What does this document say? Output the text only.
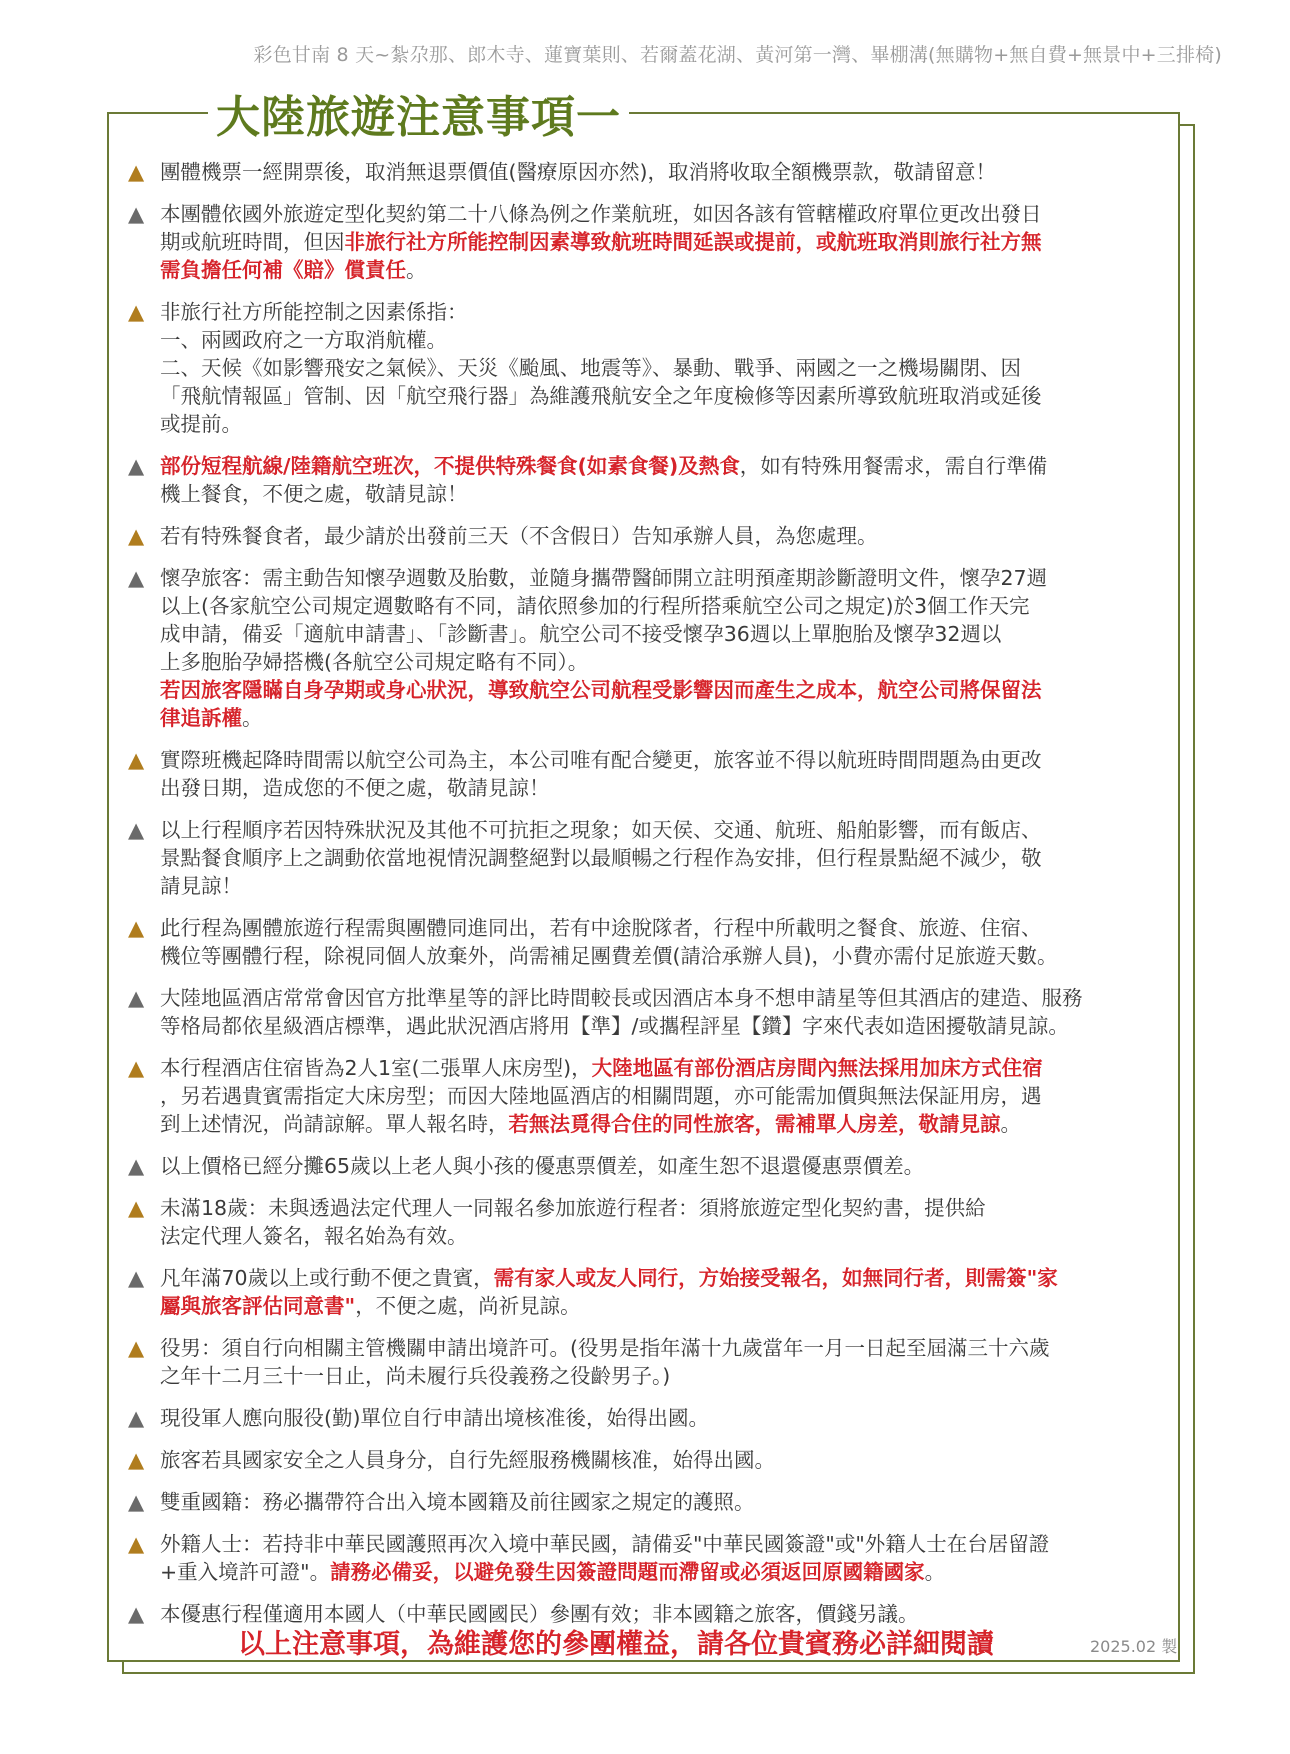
彩色甘南 8 天~紮尕那、郎木寺、蓮寶葉則、若爾蓋花湖、黃河第一灣、畢棚溝(無購物+無自費+無景中+三排椅)
大陸旅遊注意事項一
▲ 團體機票一經開票後，取消無退票價值(醫療原因亦然)，取消將收取全額機票款，敬請留意！
▲ 本團體依國外旅遊定型化契約第二十八條為例之作業航班，如因各該有管轄權政府單位更改出發日
期或航班時間，但因非旅行社方所能控制因素導致航班時間延誤或提前，或航班取消則旅行社方無
需負擔任何補《賠》償責任。
▲ 非旅行社方所能控制之因素係指：
一、兩國政府之一方取消航權。
二、天候《如影響飛安之氣候》、天災《颱風、地震等》、暴動、戰爭、兩國之一之機場關閉、因
「飛航情報區」管制、因「航空飛行器」為維護飛航安全之年度檢修等因素所導致航班取消或延後
或提前。
▲ 部份短程航線/陸籍航空班次，不提供特殊餐食(如素食餐)及熱食，如有特殊用餐需求，需自行準備
機上餐食，不便之處，敬請見諒！
▲ 若有特殊餐食者，最少請於出發前三天（不含假日）告知承辦人員，為您處理。
▲ 懷孕旅客：需主動告知懷孕週數及胎數，並隨身攜帶醫師開立註明預產期診斷證明文件，懷孕27週
以上(各家航空公司規定週數略有不同，請依照參加的行程所搭乘航空公司之規定)於3個工作天完
成申請，備妥「適航申請書」、「診斷書」。航空公司不接受懷孕36週以上單胞胎及懷孕32週以
上多胞胎孕婦搭機(各航空公司規定略有不同）。
若因旅客隱瞞自身孕期或身心狀況，導致航空公司航程受影響因而產生之成本，航空公司將保留法
律追訴權。
▲ 實際班機起降時間需以航空公司為主，本公司唯有配合變更，旅客並不得以航班時間問題為由更改
出發日期，造成您的不便之處，敬請見諒！
▲ 以上行程順序若因特殊狀況及其他不可抗拒之現象；如天侯、交通、航班、船舶影響，而有飯店、
景點餐食順序上之調動依當地視情況調整絕對以最順暢之行程作為安排，但行程景點絕不減少，敬
請見諒！
▲ 此行程為團體旅遊行程需與團體同進同出，若有中途脫隊者，行程中所載明之餐食、旅遊、住宿、
機位等團體行程，除視同個人放棄外，尚需補足團費差價(請洽承辦人員)，小費亦需付足旅遊天數。
▲ 大陸地區酒店常常會因官方批準星等的評比時間較長或因酒店本身不想申請星等但其酒店的建造、服務
等格局都依星級酒店標準，遇此狀況酒店將用【準】/或攜程評星【鑽】字來代表如造困擾敬請見諒。
▲ 本行程酒店住宿皆為2人1室(二張單人床房型)，大陸地區有部份酒店房間內無法採用加床方式住宿
，另若遇貴賓需指定大床房型；而因大陸地區酒店的相關問題，亦可能需加價與無法保証用房，遇
到上述情況，尚請諒解。單人報名時，若無法覓得合住的同性旅客，需補單人房差，敬請見諒。
▲ 以上價格已經分攤65歲以上老人與小孩的優惠票價差，如產生恕不退還優惠票價差。
▲ 未滿18歲：未與透過法定代理人一同報名參加旅遊行程者：須將旅遊定型化契約書，提供給
法定代理人簽名，報名始為有效。
▲ 凡年滿70歲以上或行動不便之貴賓，需有家人或友人同行，方始接受報名，如無同行者，則需簽"家
屬與旅客評估同意書"，不便之處，尚祈見諒。
▲ 役男：須自行向相關主管機關申請出境許可。(役男是指年滿十九歲當年一月一日起至屆滿三十六歲
之年十二月三十一日止，尚未履行兵役義務之役齡男子。)
▲ 現役軍人應向服役(勤)單位自行申請出境核准後，始得出國。
▲ 旅客若具國家安全之人員身分，自行先經服務機關核准，始得出國。
▲ 雙重國籍：務必攜帶符合出入境本國籍及前往國家之規定的護照。
▲ 外籍人士：若持非中華民國護照再次入境中華民國，請備妥"中華民國簽證"或"外籍人士在台居留證
+重入境許可證"。請務必備妥，以避免發生因簽證問題而滯留或必須返回原國籍國家。
▲ 本優惠行程僅適用本國人（中華民國國民）參團有效；非本國籍之旅客，價錢另議。
以上注意事項，為維護您的參團權益，請各位貴賓務必詳細閱讀	2025.02 製
